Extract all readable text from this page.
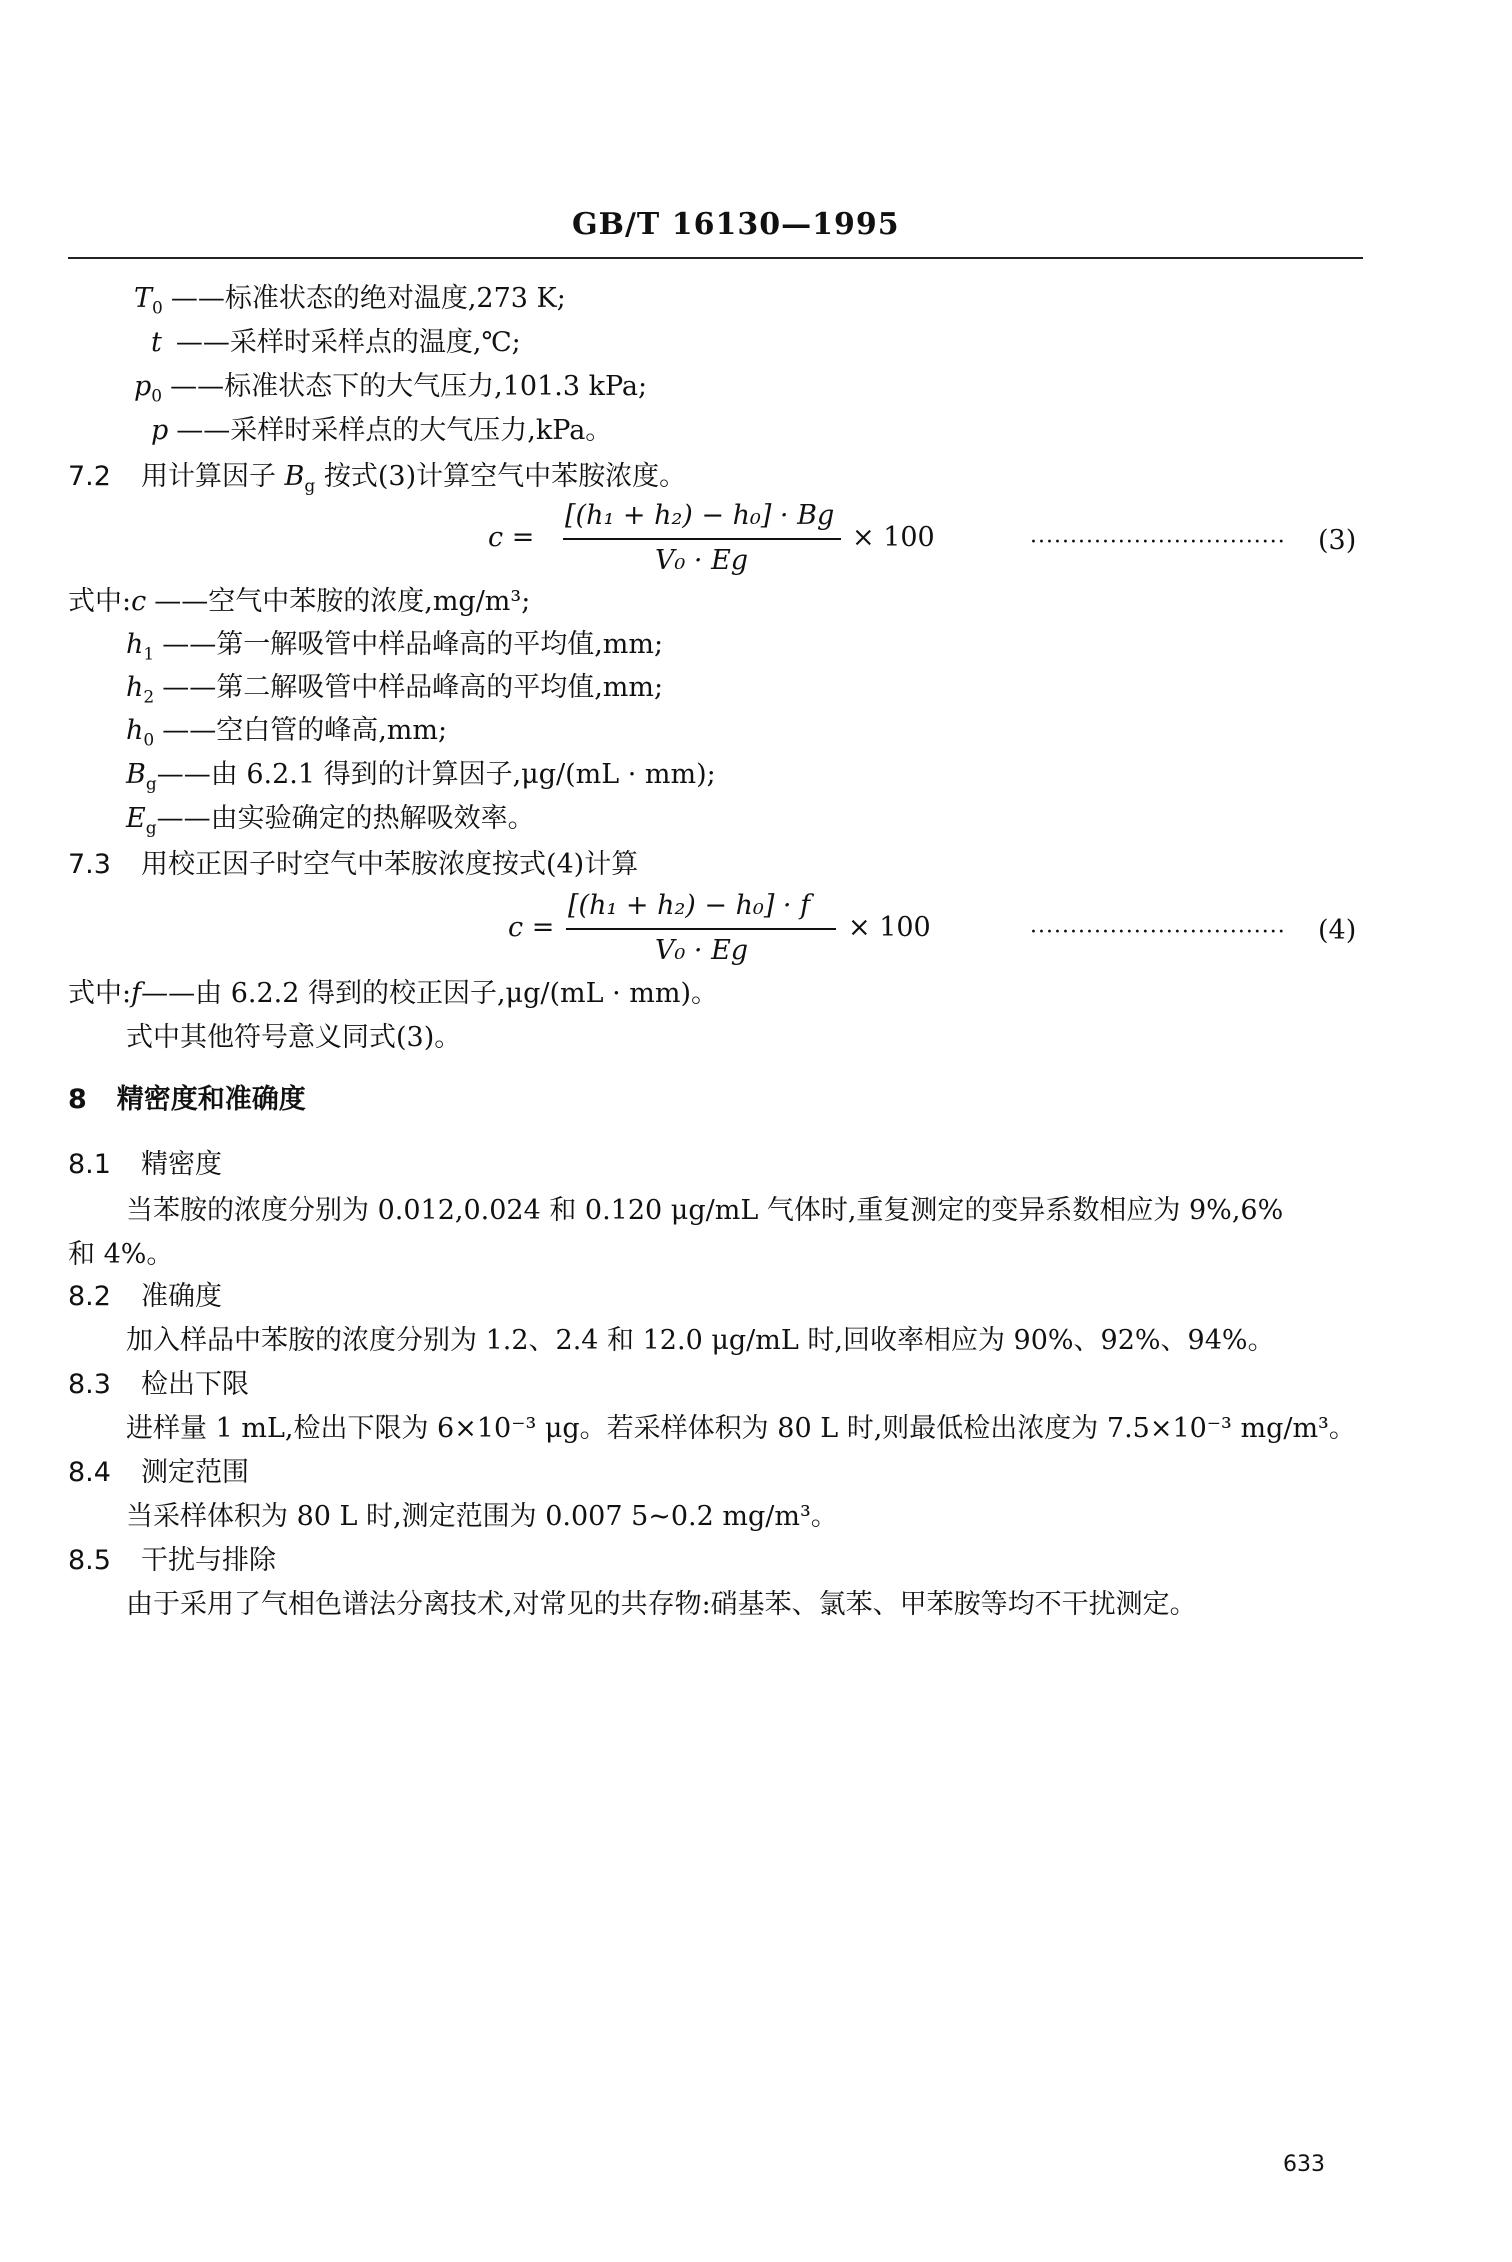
GB/T 16130—1995
$T_0$ ——标准状态的绝对温度,273 K;
t ——采样时采样点的温度,℃;
$p_0$ ——标准状态下的大气压力,101.3 kPa;
p ——采样时采样点的大气压力,kPa。
7.2 用计算因子 $B_g$ 按式(3)计算空气中苯胺浓度。
c =
[(h₁ + h₂) − h₀] · Bg
V₀ · Eg
× 100	································ (3)
式中:c ——空气中苯胺的浓度,mg/m³;
$h_1$ ——第一解吸管中样品峰高的平均值,mm;
$h_2$ ——第二解吸管中样品峰高的平均值,mm;
$h_0$ ——空白管的峰高,mm;
$B_g——$由 6.2.1 得到的计算因子,μg/(mL · mm);
$E_g——$由实验确定的热解吸效率。
7.3 用校正因子时空气中苯胺浓度按式(4)计算
c =
[(h₁ + h₂) − h₀] · f
V₀ · Eg
× 100	································ (4)
式中:f——由 6.2.2 得到的校正因子,μg/(mL · mm)。
式中其他符号意义同式(3)。
8 精密度和准确度
8.1 精密度
当苯胺的浓度分别为 0.012,0.024 和 0.120 μg/mL 气体时,重复测定的变异系数相应为 9%,6%
和 4%。
8.2 准确度
加入样品中苯胺的浓度分别为 1.2、2.4 和 12.0 μg/mL 时,回收率相应为 90%、92%、94%。
8.3 检出下限
进样量 1 mL,检出下限为 6×10⁻³ μg。若采样体积为 80 L 时,则最低检出浓度为 7.5×10⁻³ mg/m³。
8.4 测定范围
当采样体积为 80 L 时,测定范围为 0.007 5~0.2 mg/m³。
8.5 干扰与排除
由于采用了气相色谱法分离技术,对常见的共存物:硝基苯、氯苯、甲苯胺等均不干扰测定。
633
